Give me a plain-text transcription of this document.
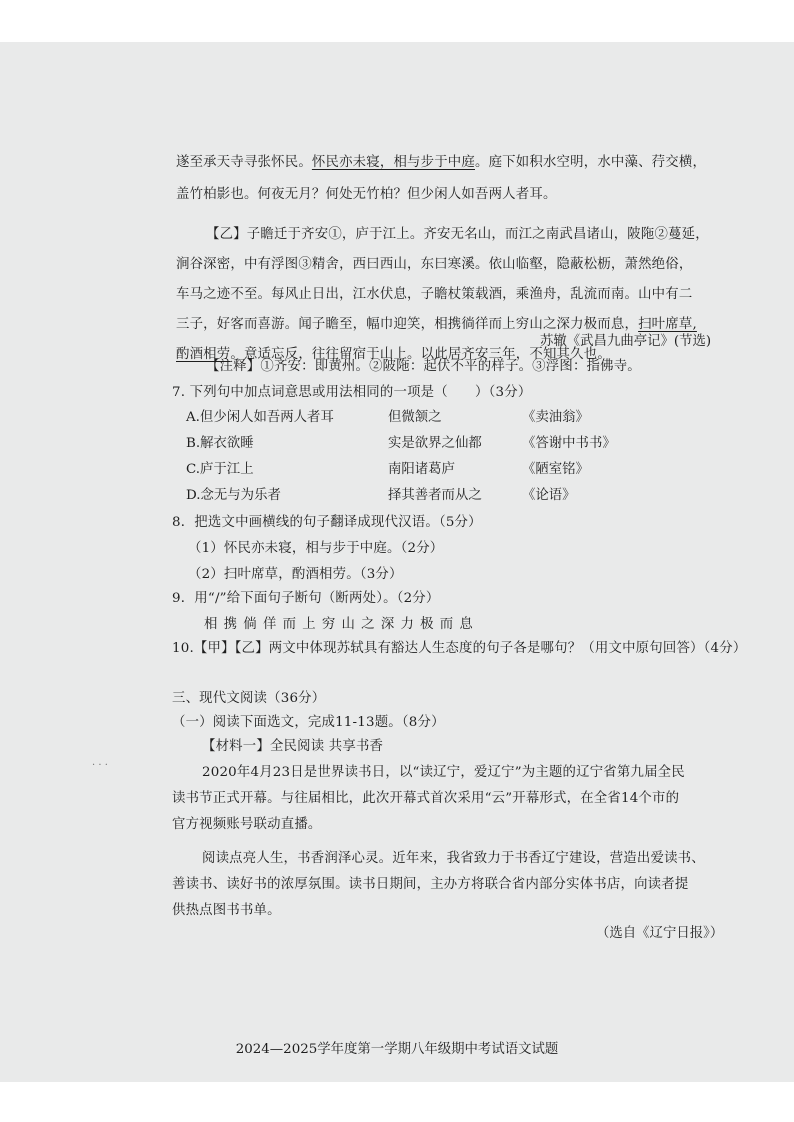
遂至承天寺寻张怀民。怀民亦未寝，相与步于中庭。庭下如积水空明，水中藻、荇交横，
盖竹柏影也。何夜无月？何处无竹柏？但少闲人如吾两人者耳。
【乙】子瞻迁于齐安①，庐于江上。齐安无名山，而江之南武昌诸山，陂陁②蔓延，
涧谷深密，中有浮图③精舍，西曰西山，东曰寒溪。依山临壑，隐蔽松枥，萧然绝俗，
车马之迹不至。每风止日出，江水伏息，子瞻杖策载酒，乘渔舟，乱流而南。山中有二
三子，好客而喜游。闻子瞻至，幅巾迎笑，相携徜徉而上穷山之深力极而息，扫叶席草,
酌酒相劳。意适忘反，往往留宿于山上。以此居齐安三年，不知其久也。
苏辙《武昌九曲亭记》(节选)
【注释】①齐安：即黄州。②陂陁：起伏不平的样子。③浮图：指佛寺。
7. 下列句中加点词意思或用法相同的一项是（　　）（3分）
A.但少闲人如吾两人者耳	但微颔之	《卖油翁》
B.解衣欲睡	实是欲界之仙都	《答谢中书书》
C.庐于江上	南阳诸葛庐	《陋室铭》
D.念无与为乐者	择其善者而从之	《论语》
8．把选文中画横线的句子翻译成现代汉语。（5分）
（1）怀民亦未寝，相与步于中庭。（2分）
（2）扫叶席草，酌酒相劳。（3分）
9．用“/”给下面句子断句（断两处）。（2分）
相 携 倘 佯 而 上 穷 山 之 深 力 极 而 息
10.【甲】【乙】两文中体现苏轼具有豁达人生态度的句子各是哪句？（用文中原句回答）（4分）
三、现代文阅读（36分）
（一）阅读下面选文，完成11-13题。（8分）
【材料一】全民阅读 共享书香
2020年4月23日是世界读书日，以“读辽宁，爱辽宁”为主题的辽宁省第九届全民
读书节正式开幕。与往届相比，此次开幕式首次采用“云”开幕形式，在全省14个市的
官方视频账号联动直播。
阅读点亮人生，书香润泽心灵。近年来，我省致力于书香辽宁建设，营造出爱读书、
善读书、读好书的浓厚氛围。读书日期间，主办方将联合省内部分实体书店，向读者提
供热点图书书单。
（选自《辽宁日报》）
· · ·
2024—2025学年度第一学期八年级期中考试语文试题
